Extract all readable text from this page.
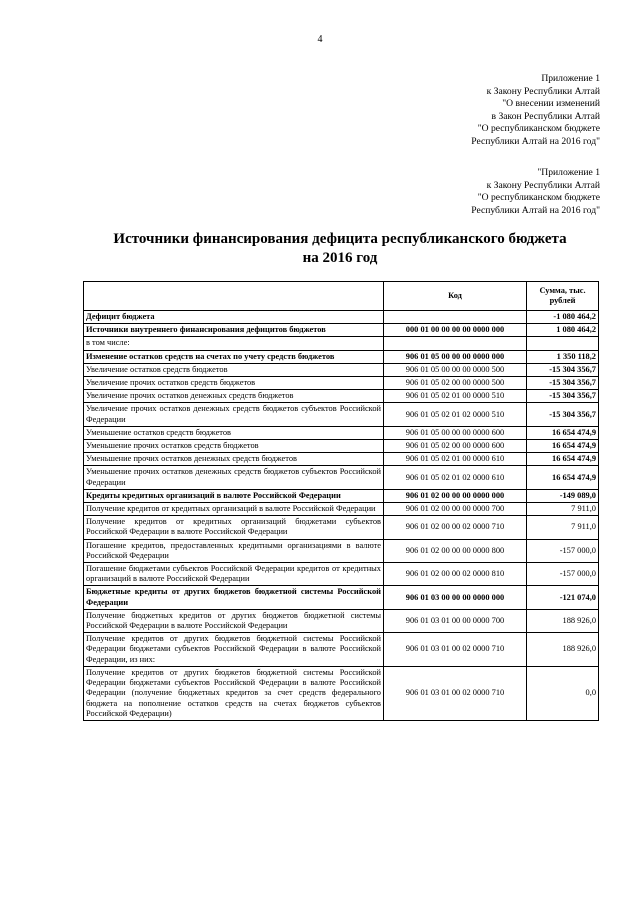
4
Приложение 1
к Закону Республики Алтай
"О внесении изменений
в Закон Республики Алтай
"О республиканском бюджете
Республики Алтай на 2016 год"
"Приложение 1
к Закону Республики Алтай
"О республиканском бюджете
Республики Алтай на 2016 год"
Источники финансирования дефицита республиканского бюджета
на 2016 год
	Код	Сумма, тыс. рублей
Дефицит бюджета		-1 080 464,2
Источники внутреннего финансирования дефицитов бюджетов	000 01 00 00 00 00 0000 000	1 080 464,2
в том числе:		
Изменение остатков средств на счетах по учету средств бюджетов	906 01 05 00 00 00 0000 000	1 350 118,2
Увеличение остатков средств бюджетов	906 01 05 00 00 00 0000 500	-15 304 356,7
Увеличение прочих остатков средств бюджетов	906 01 05 02 00 00 0000 500	-15 304 356,7
Увеличение прочих остатков денежных средств бюджетов	906 01 05 02 01 00 0000 510	-15 304 356,7
Увеличение прочих остатков денежных средств бюджетов субъектов Российской Федерации	906 01 05 02 01 02 0000 510	-15 304 356,7
Уменьшение остатков средств бюджетов	906 01 05 00 00 00 0000 600	16 654 474,9
Уменьшение прочих остатков средств бюджетов	906 01 05 02 00 00 0000 600	16 654 474,9
Уменьшение прочих остатков денежных средств бюджетов	906 01 05 02 01 00 0000 610	16 654 474,9
Уменьшение прочих остатков денежных средств бюджетов субъектов Российской Федерации	906 01 05 02 01 02 0000 610	16 654 474,9
Кредиты кредитных организаций в валюте Российской Федерации	906 01 02 00 00 00 0000 000	-149 089,0
Получение кредитов от кредитных организаций в валюте Российской Федерации	906 01 02 00 00 00 0000 700	7 911,0
Получение кредитов от кредитных организаций бюджетами субъектов Российской Федерации в валюте Российской Федерации	906 01 02 00 00 02 0000 710	7 911,0
Погашение кредитов, предоставленных кредитными организациями в валюте Российской Федерации	906 01 02 00 00 00 0000 800	-157 000,0
Погашение бюджетами субъектов Российской Федерации кредитов от кредитных организаций в валюте Российской Федерации	906 01 02 00 00 02 0000 810	-157 000,0
Бюджетные кредиты от других бюджетов бюджетной системы Российской Федерации	906 01 03 00 00 00 0000 000	-121 074,0
Получение бюджетных кредитов от других бюджетов бюджетной системы Российской Федерации в валюте Российской Федерации	906 01 03 01 00 00 0000 700	188 926,0
Получение кредитов от других бюджетов бюджетной системы Российской Федерации бюджетами субъектов Российской Федерации в валюте Российской Федерации, из них:	906 01 03 01 00 02 0000 710	188 926,0
Получение кредитов от других бюджетов бюджетной системы Российской Федерации бюджетами субъектов Российской Федерации в валюте Российской Федерации (получение бюджетных кредитов за счет средств федерального бюджета на пополнение остатков средств на счетах бюджетов субъектов Российской Федерации)	906 01 03 01 00 02 0000 710	0,0
